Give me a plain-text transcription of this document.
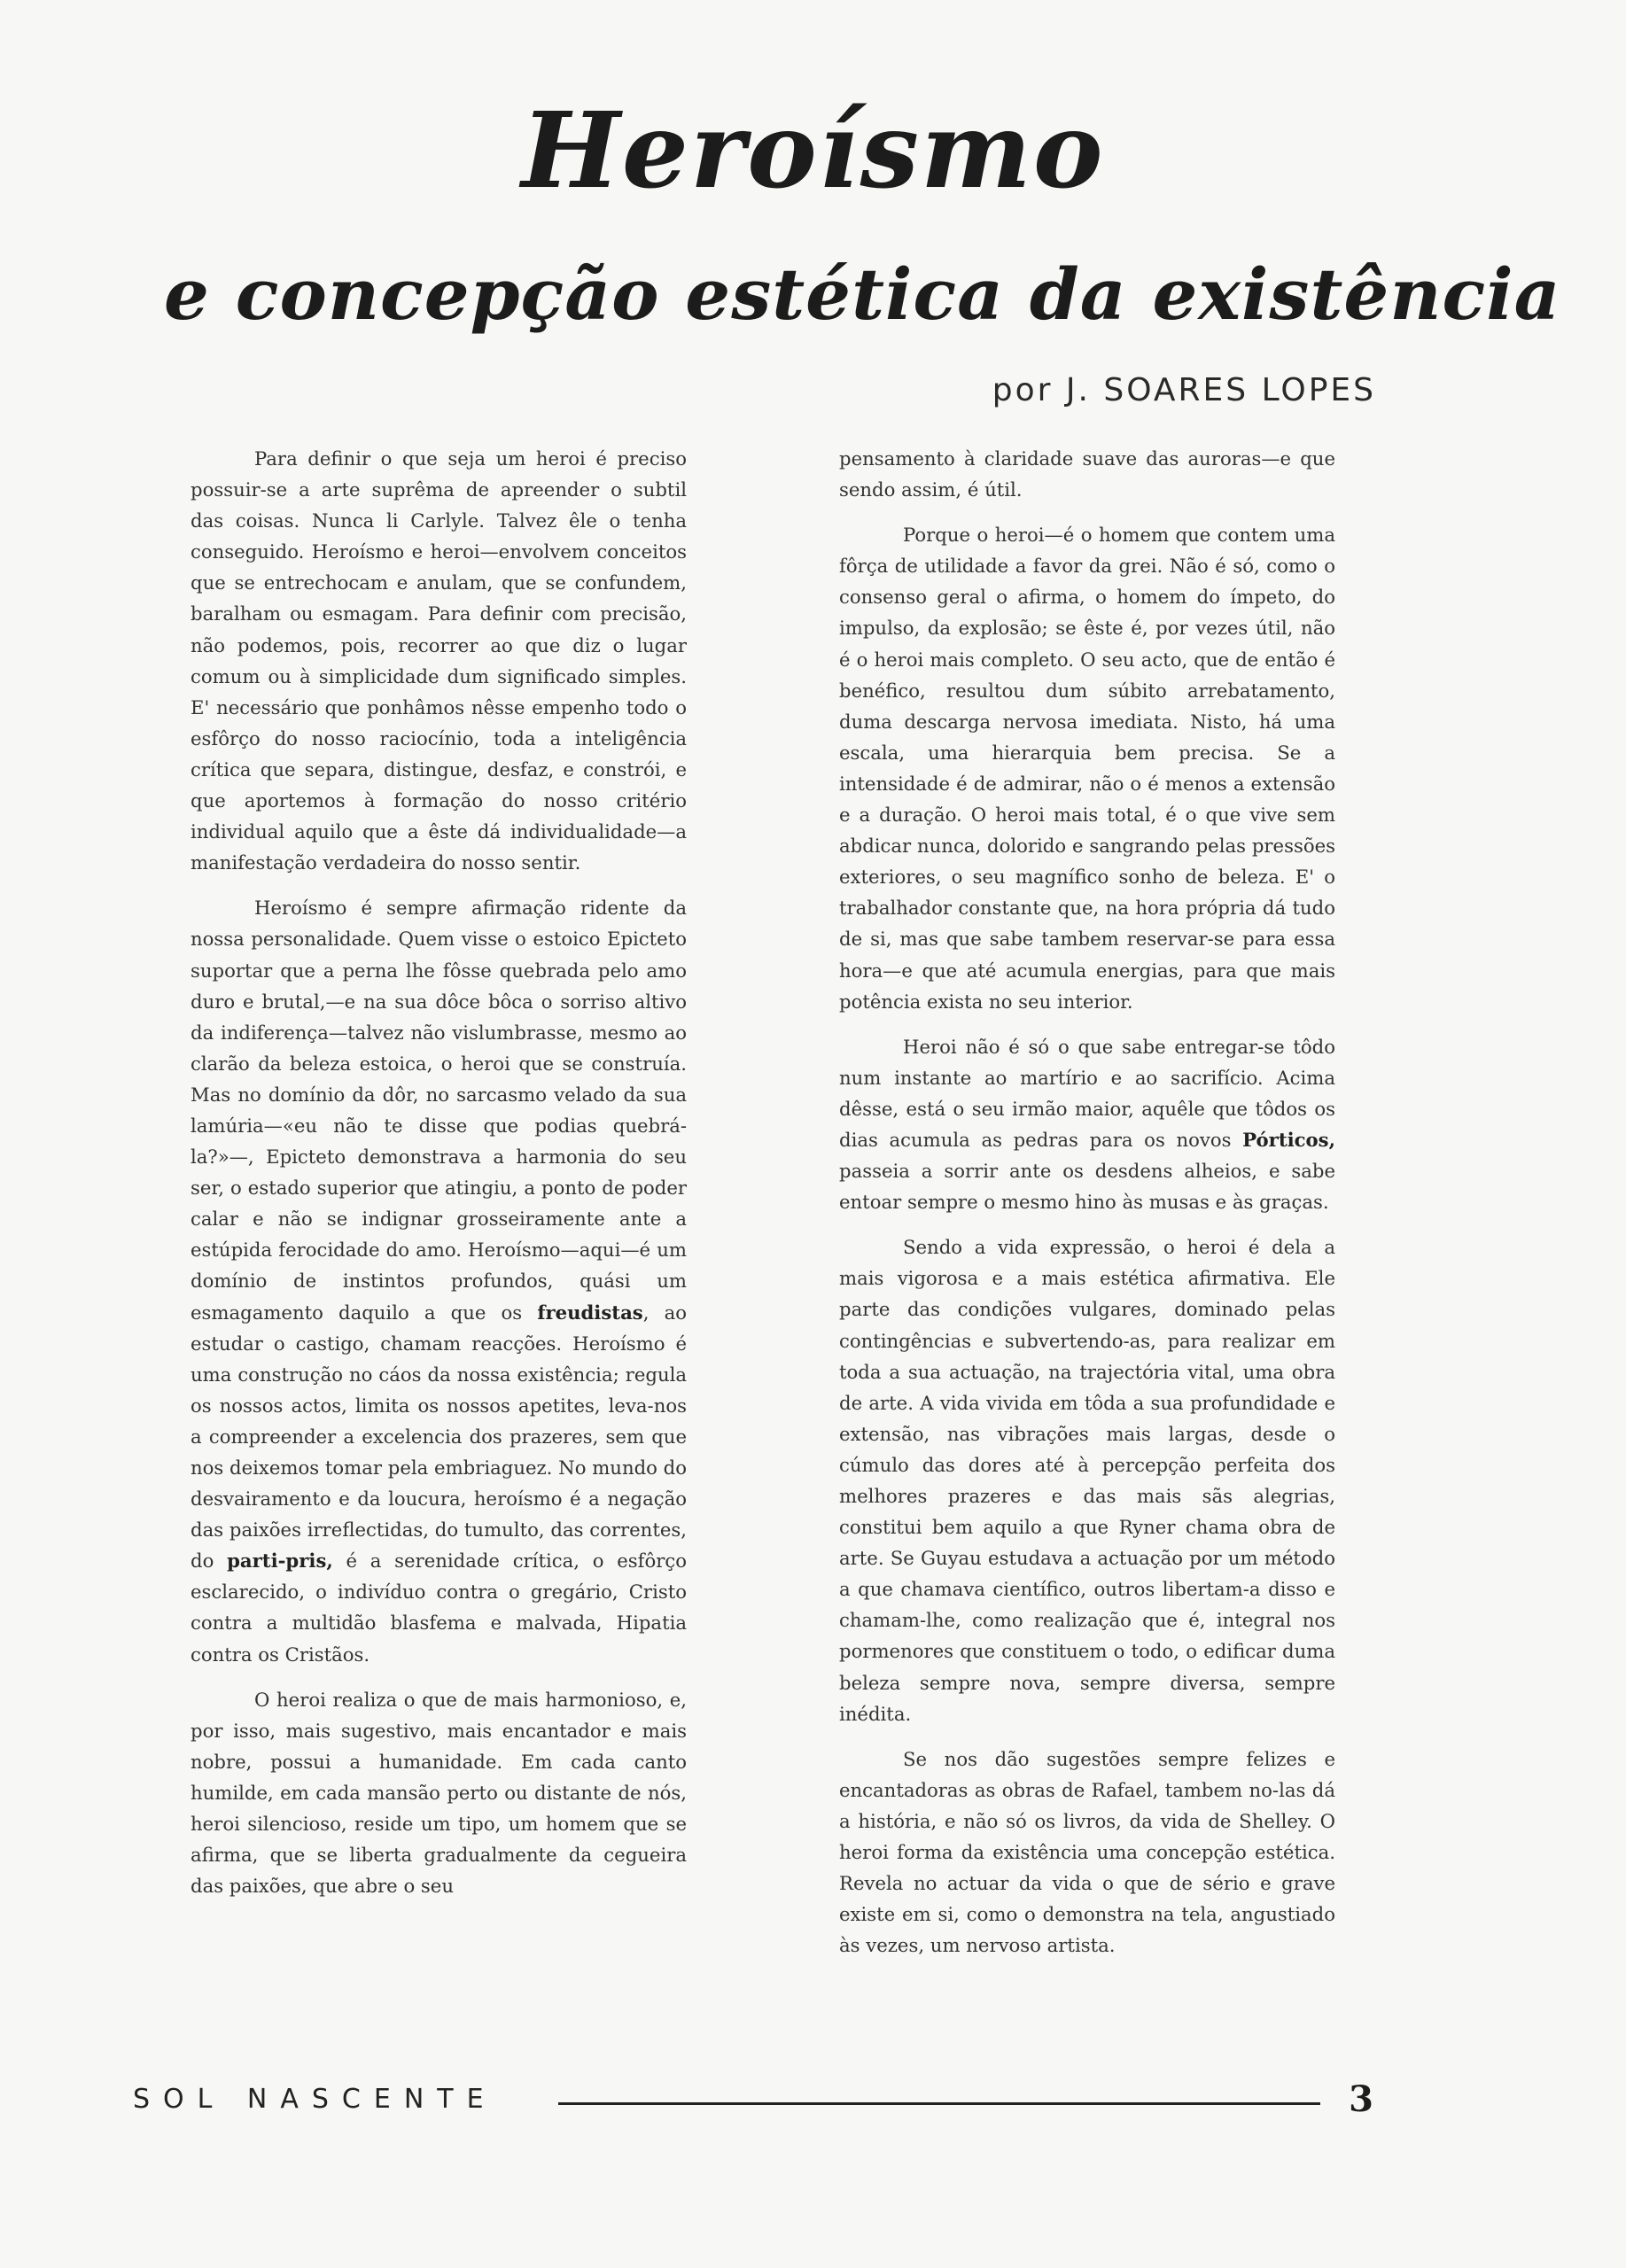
Heroísmo
e concepção estética da existência
por J. SOARES LOPES

Para definir o que seja um heroi é preciso possuir-se a arte suprêma de apreender o subtil das coisas. Nunca li Carlyle. Talvez êle o tenha conseguido. Heroísmo e heroi—envolvem conceitos que se entrechocam e anulam, que se confundem, baralham ou esmagam. Para definir com precisão, não podemos, pois, recorrer ao que diz o lugar comum ou à simplicidade dum significado simples. E' necessário que ponhâmos nêsse empenho todo o esfôrço do nosso raciocínio, toda a inteligência crítica que separa, distingue, desfaz, e constrói, e que aportemos à formação do nosso critério individual aquilo que a êste dá individualidade—a manifestação verdadeira do nosso sentir.

Heroísmo é sempre afirmação ridente da nossa personalidade. Quem visse o estoico Epicteto suportar que a perna lhe fôsse quebrada pelo amo duro e brutal,—e na sua dôce bôca o sorriso altivo da indiferença—talvez não vislumbrasse, mesmo ao clarão da beleza estoica, o heroi que se construía. Mas no domínio da dôr, no sarcasmo velado da sua lamúria—«eu não te disse que podias quebrá-la?»—, Epicteto demonstrava a harmonia do seu ser, o estado superior que atingiu, a ponto de poder calar e não se indignar grosseiramente ante a estúpida ferocidade do amo. Heroísmo—aqui—é um domínio de instintos profundos, quási um esmagamento daquilo a que os freudistas, ao estudar o castigo, chamam reacções. Heroísmo é uma construção no cáos da nossa existência; regula os nossos actos, limita os nossos apetites, leva-nos a compreender a excelencia dos prazeres, sem que nos deixemos tomar pela embriaguez. No mundo do desvairamento e da loucura, heroísmo é a negação das paixões irreflectidas, do tumulto, das correntes, do parti-pris, é a serenidade crítica, o esfôrço esclarecido, o indivíduo contra o gregário, Cristo contra a multidão blasfema e malvada, Hipatia contra os Cristãos.

O heroi realiza o que de mais harmonioso, e, por isso, mais sugestivo, mais encantador e mais nobre, possui a humanidade. Em cada canto humilde, em cada mansão perto ou distante de nós, heroi silencioso, reside um tipo, um homem que se afirma, que se liberta gradualmente da cegueira das paixões, que abre o seu

pensamento à claridade suave das auroras—e que sendo assim, é útil.

Porque o heroi—é o homem que contem uma fôrça de utilidade a favor da grei. Não é só, como o consenso geral o afirma, o homem do ímpeto, do impulso, da explosão; se êste é, por vezes útil, não é o heroi mais completo. O seu acto, que de então é benéfico, resultou dum súbito arrebatamento, duma descarga nervosa imediata. Nisto, há uma escala, uma hierarquia bem precisa. Se a intensidade é de admirar, não o é menos a extensão e a duração. O heroi mais total, é o que vive sem abdicar nunca, dolorido e sangrando pelas pressões exteriores, o seu magnífico sonho de beleza. E' o trabalhador constante que, na hora própria dá tudo de si, mas que sabe tambem reservar-se para essa hora—e que até acumula energias, para que mais potência exista no seu interior.

Heroi não é só o que sabe entregar-se tôdo num instante ao martírio e ao sacrifício. Acima dêsse, está o seu irmão maior, aquêle que tôdos os dias acumula as pedras para os novos Pórticos, passeia a sorrir ante os desdens alheios, e sabe entoar sempre o mesmo hino às musas e às graças.

Sendo a vida expressão, o heroi é dela a mais vigorosa e a mais estética afirmativa. Ele parte das condições vulgares, dominado pelas contingências e subvertendo-as, para realizar em toda a sua actuação, na trajectória vital, uma obra de arte. A vida vivida em tôda a sua profundidade e extensão, nas vibrações mais largas, desde o cúmulo das dores até à percepção perfeita dos melhores prazeres e das mais sãs alegrias, constitui bem aquilo a que Ryner chama obra de arte. Se Guyau estudava a actuação por um método a que chamava científico, outros libertam-a disso e chamam-lhe, como realização que é, integral nos pormenores que constituem o todo, o edificar duma beleza sempre nova, sempre diversa, sempre inédita.

Se nos dão sugestões sempre felizes e encantadoras as obras de Rafael, tambem no-las dá a história, e não só os livros, da vida de Shelley. O heroi forma da existência uma concepção estética. Revela no actuar da vida o que de sério e grave existe em si, como o demonstra na tela, angustiado às vezes, um nervoso artista.

SOL NASCENTE	3
